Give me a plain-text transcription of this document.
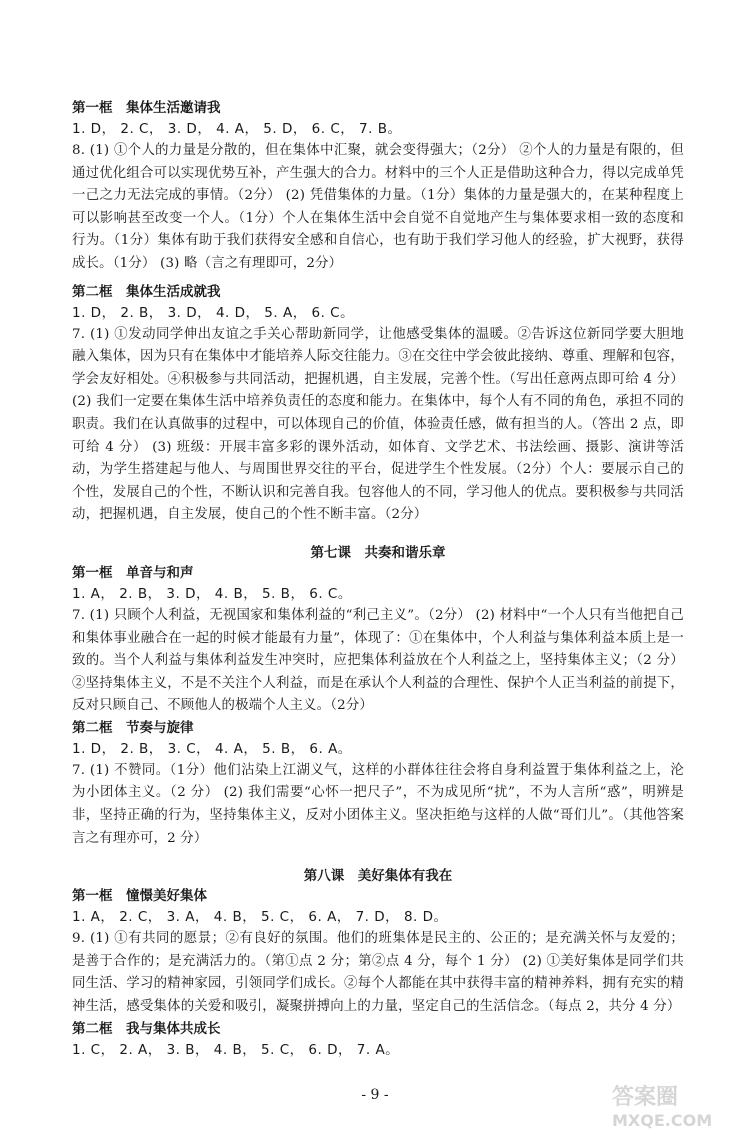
第一框　集体生活邀请我

1. D， 2. C， 3. D， 4. A， 5. D， 6. C， 7. B。

8. (1) ①个人的力量是分散的，但在集体中汇聚，就会变得强大；（2分） ②个人的力量是有限的，但通过优化组合可以实现优势互补，产生强大的合力。材料中的三个人正是借助这种合力，得以完成单凭一己之力无法完成的事情。（2分） (2) 凭借集体的力量。（1分）集体的力量是强大的，在某种程度上可以影响甚至改变一个人。（1分）个人在集体生活中会自觉不自觉地产生与集体要求相一致的态度和行为。（1分）集体有助于我们获得安全感和自信心，也有助于我们学习他人的经验，扩大视野，获得成长。（1分） (3) 略（言之有理即可，2分）

第二框　集体生活成就我

1. D， 2. B， 3. D， 4. D， 5. A， 6. C。

7. (1) ①发动同学伸出友谊之手关心帮助新同学，让他感受集体的温暖。②告诉这位新同学要大胆地融入集体，因为只有在集体中才能培养人际交往能力。③在交往中学会彼此接纳、尊重、理解和包容，学会友好相处。④积极参与共同活动，把握机遇，自主发展，完善个性。（写出任意两点即可给 4 分） (2) 我们一定要在集体生活中培养负责任的态度和能力。在集体中，每个人有不同的角色，承担不同的职责。我们在认真做事的过程中，可以体现自己的价值，体验责任感，做有担当的人。（答出 2 点，即可给 4 分） (3) 班级：开展丰富多彩的课外活动，如体育、文学艺术、书法绘画、摄影、演讲等活动，为学生搭建起与他人、与周围世界交往的平台，促进学生个性发展。（2分）个人：要展示自己的个性，发展自己的个性，不断认识和完善自我。包容他人的不同，学习他人的优点。要积极参与共同活动，把握机遇，自主发展，使自己的个性不断丰富。（2分）

第七课　共奏和谐乐章

第一框　单音与和声

1. A， 2. B， 3. D， 4. B， 5. B， 6. C。

7. (1) 只顾个人利益，无视国家和集体利益的“利己主义”。（2分） (2) 材料中“一个人只有当他把自己和集体事业融合在一起的时候才能最有力量”，体现了：①在集体中，个人利益与集体利益本质上是一致的。当个人利益与集体利益发生冲突时，应把集体利益放在个人利益之上，坚持集体主义；（2 分）②坚持集体主义，不是不关注个人利益，而是在承认个人利益的合理性、保护个人正当利益的前提下，反对只顾自己、不顾他人的极端个人主义。（2分）

第二框　节奏与旋律

1. D， 2. B， 3. C， 4. A， 5. B， 6. A。

7. (1) 不赞同。（1分）他们沾染上江湖义气，这样的小群体往往会将自身利益置于集体利益之上，沦为小团体主义。（2 分） (2) 我们需要“心怀一把尺子”，不为成见所“扰”，不为人言所“惑”，明辨是非，坚持正确的行为，坚持集体主义，反对小团体主义。坚决拒绝与这样的人做“哥们儿”。（其他答案言之有理亦可，2 分）

第八课　美好集体有我在

第一框　憧憬美好集体

1. A， 2. C， 3. A， 4. B， 5. C， 6. A， 7. D， 8. D。

9. (1) ①有共同的愿景；②有良好的氛围。他们的班集体是民主的、公正的；是充满关怀与友爱的；是善于合作的；是充满活力的。（第①点 2 分；第②点 4 分，每个 1 分） (2) ①美好集体是同学们共同生活、学习的精神家园，引领同学们成长。②每个人都能在其中获得丰富的精神养料，拥有充实的精神生活，感受集体的关爱和吸引，凝聚拼搏向上的力量，坚定自己的生活信念。（每点 2，共分 4 分）

第二框　我与集体共成长

1. C， 2. A， 3. B， 4. B， 5. C， 6. D， 7. A。

- 9 -	答案圈
MXQE.COM
